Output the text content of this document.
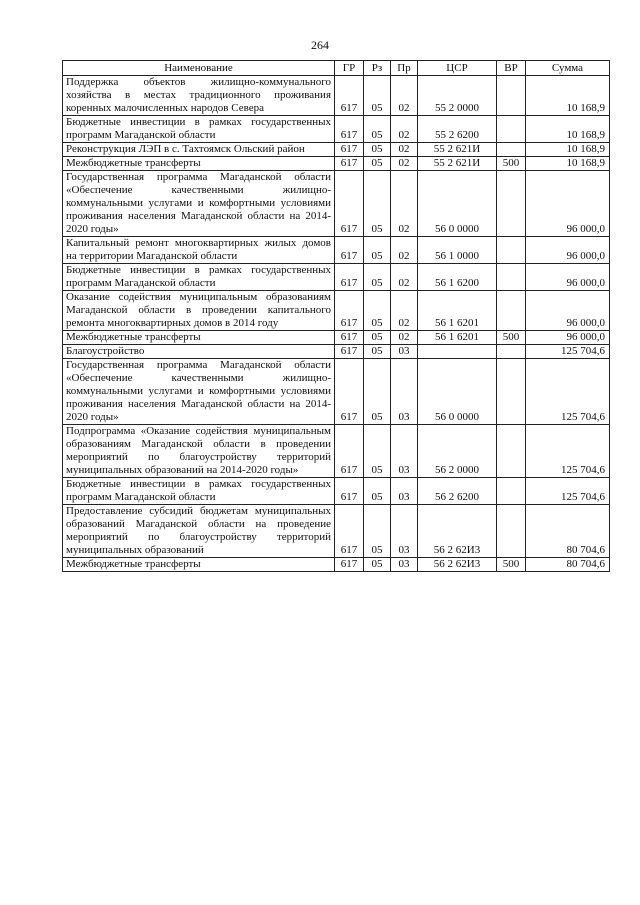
264
Наименование	ГР	Рз	Пр	ЦСР	ВР	Сумма
Поддержка объектов жилищно-коммунального хозяйства в местах традиционного проживания коренных малочисленных народов Севера	617	05	02	55 2 0000		10 168,9
Бюджетные инвестиции в рамках государственных программ Магаданской области	617	05	02	55 2 6200		10 168,9
Реконструкция ЛЭП в с. Тахтоямск Ольский район	617	05	02	55 2 621И		10 168,9
Межбюджетные трансферты	617	05	02	55 2 621И	500	10 168,9
Государственная программа Магаданской области «Обеспечение качественными жилищно-коммунальными услугами и комфортными условиями проживания населения Магаданской области на 2014-2020 годы»	617	05	02	56 0 0000		96 000,0
Капитальный ремонт многоквартирных жилых домов на территории Магаданской области	617	05	02	56 1 0000		96 000,0
Бюджетные инвестиции в рамках государственных программ Магаданской области	617	05	02	56 1 6200		96 000,0
Оказание содействия муниципальным образованиям Магаданской области в проведении капитального ремонта многоквартирных домов в 2014 году	617	05	02	56 1 6201		96 000,0
Межбюджетные трансферты	617	05	02	56 1 6201	500	96 000,0
Благоустройство	617	05	03			125 704,6
Государственная программа Магаданской области «Обеспечение качественными жилищно-коммунальными услугами и комфортными условиями проживания населения Магаданской области на 2014-2020 годы»	617	05	03	56 0 0000		125 704,6
Подпрограмма «Оказание содействия муниципальным образованиям Магаданской области в проведении мероприятий по благоустройству территорий муниципальных образований на 2014-2020 годы»	617	05	03	56 2 0000		125 704,6
Бюджетные инвестиции в рамках государственных программ Магаданской области	617	05	03	56 2 6200		125 704,6
Предоставление субсидий бюджетам муниципальных образований Магаданской области на проведение мероприятий по благоустройству территорий муниципальных образований	617	05	03	56 2 62И3		80 704,6
Межбюджетные трансферты	617	05	03	56 2 62И3	500	80 704,6
